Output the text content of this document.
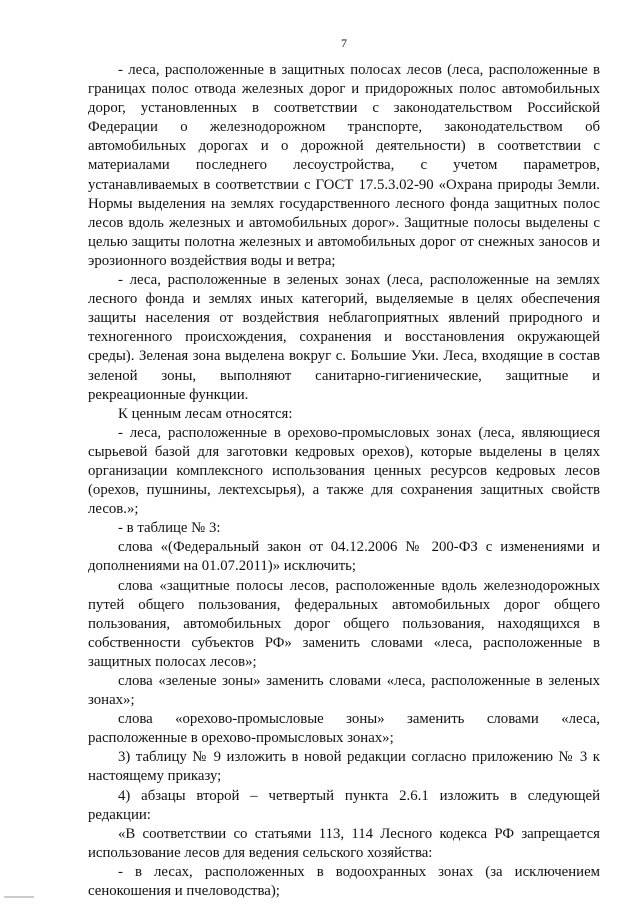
7

- леса, расположенные в защитных полосах лесов (леса, расположенные в границах полос отвода железных дорог и придорожных полос автомобильных дорог, установленных в соответствии с законодательством Российской Федерации о железнодорожном транспорте, законодательством об автомобильных дорогах и о дорожной деятельности) в соответствии с материалами последнего лесоустройства, с учетом параметров, устанавливаемых в соответствии с ГОСТ 17.5.3.02-90 «Охрана природы Земли. Нормы выделения на землях государственного лесного фонда защитных полос лесов вдоль железных и автомобильных дорог». Защитные полосы выделены с целью защиты полотна железных и автомобильных дорог от снежных заносов и эрозионного воздействия воды и ветра;

- леса, расположенные в зеленых зонах (леса, расположенные на землях лесного фонда и землях иных категорий, выделяемые в целях обеспечения защиты населения от воздействия неблагоприятных явлений природного и техногенного происхождения, сохранения и восстановления окружающей среды). Зеленая зона выделена вокруг с. Большие Уки. Леса, входящие в состав зеленой зоны, выполняют санитарно-гигиенические, защитные и рекреационные функции.

К ценным лесам относятся:

- леса, расположенные в орехово-промысловых зонах (леса, являющиеся сырьевой базой для заготовки кедровых орехов), которые выделены в целях организации комплексного использования ценных ресурсов кедровых лесов (орехов, пушнины, лектехсырья), а также для сохранения защитных свойств лесов.»;

- в таблице № 3:

слова «(Федеральный закон от 04.12.2006 № 200-ФЗ с изменениями и дополнениями на 01.07.2011)» исключить;

слова «защитные полосы лесов, расположенные вдоль железнодорожных путей общего пользования, федеральных автомобильных дорог общего пользования, автомобильных дорог общего пользования, находящихся в собственности субъектов РФ» заменить словами «леса, расположенные в защитных полосах лесов»;

слова «зеленые зоны» заменить словами «леса, расположенные в зеленых зонах»;

слова «орехово-промысловые зоны» заменить словами «леса, расположенные в орехово-промысловых зонах»;

3) таблицу № 9 изложить в новой редакции согласно приложению № 3 к настоящему приказу;

4) абзацы второй – четвертый пункта 2.6.1 изложить в следующей редакции:

«В соответствии со статьями 113, 114 Лесного кодекса РФ запрещается использование лесов для ведения сельского хозяйства:

- в лесах, расположенных в водоохранных зонах (за исключением сенокошения и пчеловодства);
